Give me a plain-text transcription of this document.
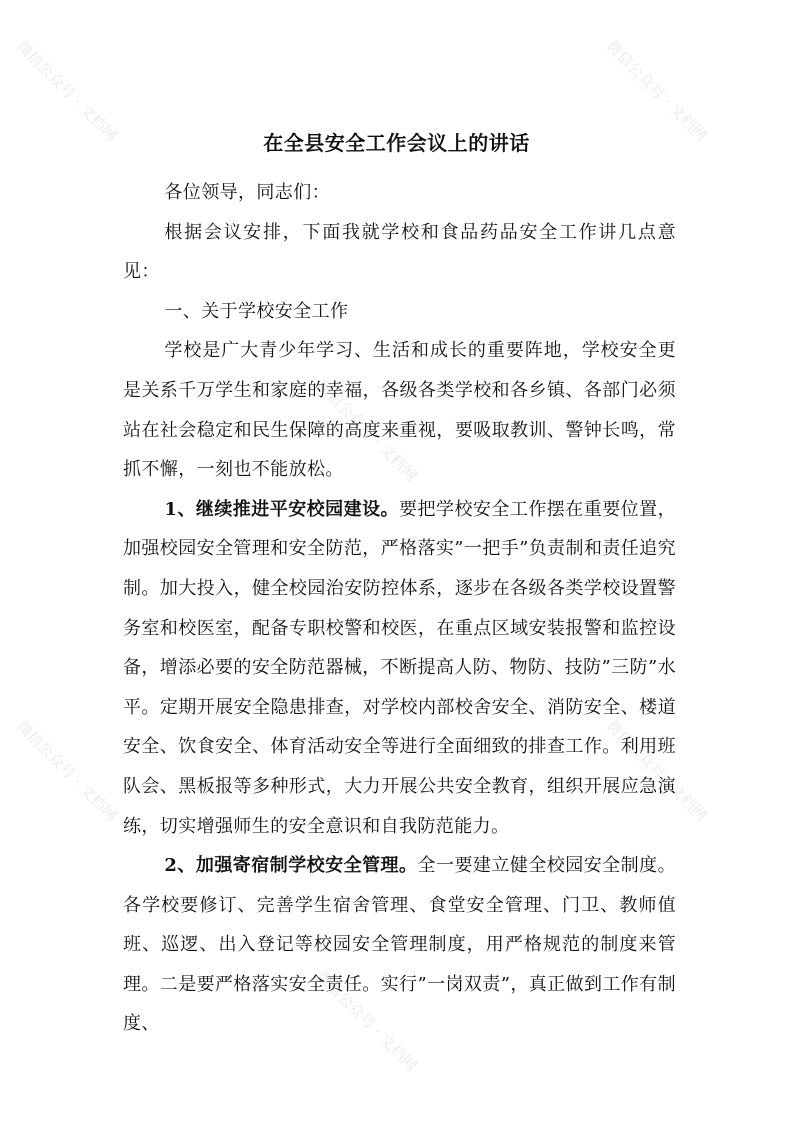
微信公众号 · 文档网	微信公众号 · 文档网
微信公众号 · 文档网
微信公众号 · 文档网	微信公众号 · 文档网
微信公众号 · 文档网
在全县安全工作会议上的讲话

各位领导，同志们：

根据会议安排，下面我就学校和食品药品安全工作讲几点意见：

一、关于学校安全工作

学校是广大青少年学习、生活和成长的重要阵地，学校安全更是关系千万学生和家庭的幸福，各级各类学校和各乡镇、各部门必须站在社会稳定和民生保障的高度来重视，要吸取教训、警钟长鸣，常抓不懈，一刻也不能放松。

1、继续推进平安校园建设。要把学校安全工作摆在重要位置，加强校园安全管理和安全防范，严格落实”一把手”负责制和责任追究制。加大投入，健全校园治安防控体系，逐步在各级各类学校设置警务室和校医室，配备专职校警和校医，在重点区域安装报警和监控设备，增添必要的安全防范器械，不断提高人防、物防、技防”三防”水平。定期开展安全隐患排查，对学校内部校舍安全、消防安全、楼道安全、饮食安全、体育活动安全等进行全面细致的排查工作。利用班队会、黑板报等多种形式，大力开展公共安全教育，组织开展应急演练，切实增强师生的安全意识和自我防范能力。

2、加强寄宿制学校安全管理。全一要建立健全校园安全制度。各学校要修订、完善学生宿舍管理、食堂安全管理、门卫、教师值班、巡逻、出入登记等校园安全管理制度，用严格规范的制度来管理。二是要严格落实安全责任。实行”一岗双责”，真正做到工作有制度、
